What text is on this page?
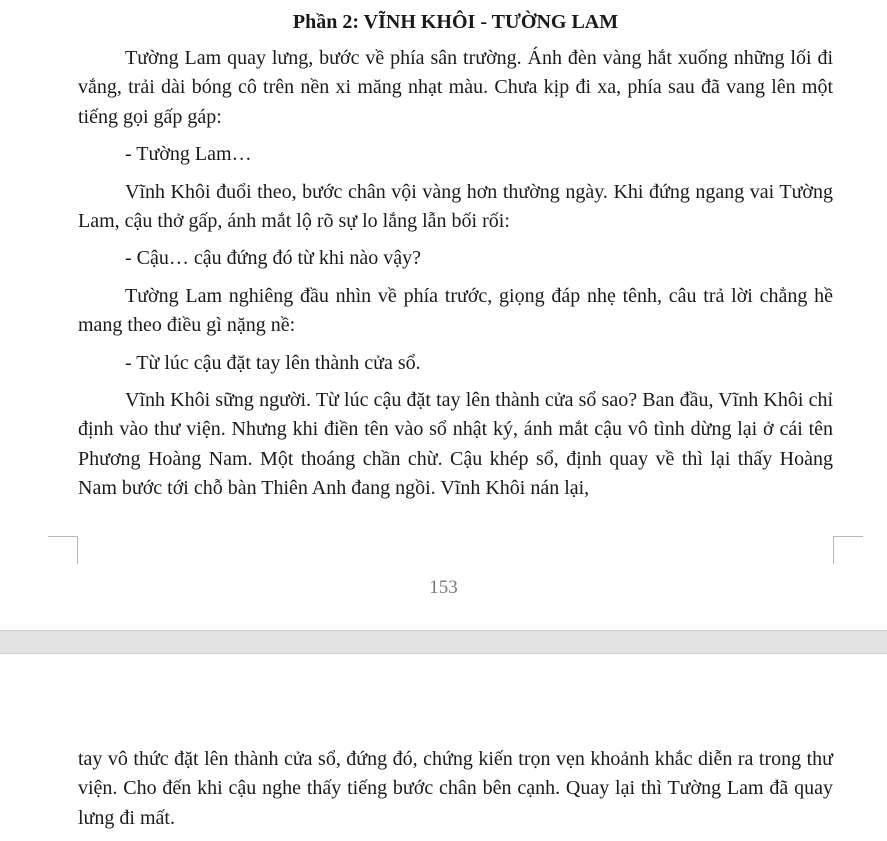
Phần 2: VĨNH KHÔI - TƯỜNG LAM

Tường Lam quay lưng, bước về phía sân trường. Ánh đèn vàng hắt xuống những lối đi vắng, trải dài bóng cô trên nền xi măng nhạt màu. Chưa kịp đi xa, phía sau đã vang lên một tiếng gọi gấp gáp:

- Tường Lam…

Vĩnh Khôi đuổi theo, bước chân vội vàng hơn thường ngày. Khi đứng ngang vai Tường Lam, cậu thở gấp, ánh mắt lộ rõ sự lo lắng lẫn bối rối:

- Cậu… cậu đứng đó từ khi nào vậy?

Tường Lam nghiêng đầu nhìn về phía trước, giọng đáp nhẹ tênh, câu trả lời chẳng hề mang theo điều gì nặng nề:

- Từ lúc cậu đặt tay lên thành cửa sổ.

Vĩnh Khôi sững người. Từ lúc cậu đặt tay lên thành cửa sổ sao? Ban đầu, Vĩnh Khôi chỉ định vào thư viện. Nhưng khi điền tên vào sổ nhật ký, ánh mắt cậu vô tình dừng lại ở cái tên Phương Hoàng Nam. Một thoáng chần chừ. Cậu khép sổ, định quay về thì lại thấy Hoàng Nam bước tới chỗ bàn Thiên Anh đang ngồi. Vĩnh Khôi nán lại,

153

tay vô thức đặt lên thành cửa sổ, đứng đó, chứng kiến trọn vẹn khoảnh khắc diễn ra trong thư viện. Cho đến khi cậu nghe thấy tiếng bước chân bên cạnh. Quay lại thì Tường Lam đã quay lưng đi mất.
